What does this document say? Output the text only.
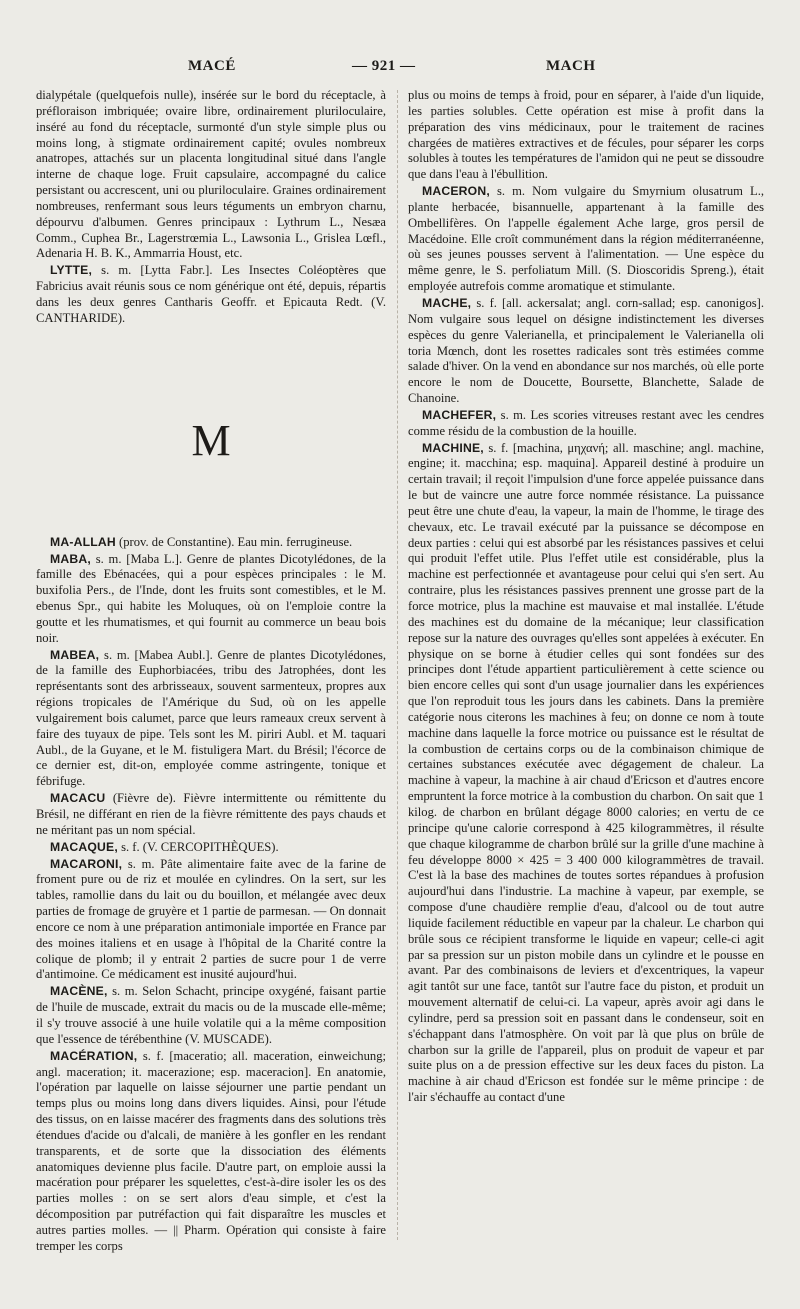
MACÉ	— 921 —	MACH

dialypétale (quelquefois nulle), insérée sur le bord du réceptacle, à préfloraison imbriquée; ovaire libre, ordinairement pluriloculaire, inséré au fond du réceptacle, surmonté d'un style simple plus ou moins long, à stigmate ordinairement capité; ovules nombreux anatropes, attachés sur un placenta longitudinal situé dans l'angle interne de chaque loge. Fruit capsulaire, accompagné du calice persistant ou accrescent, uni ou pluriloculaire. Graines ordinairement nombreuses, renfermant sous leurs téguments un embryon charnu, dépourvu d'albumen. Genres principaux : Lythrum L., Nesæa Comm., Cuphea Br., Lagerstrœmia L., Lawsonia L., Grislea Lœfl., Adenaria H. B. K., Ammarria Houst, etc.

LYTTE, s. m. [Lytta Fabr.]. Les Insectes Coléoptères que Fabricius avait réunis sous ce nom générique ont été, depuis, répartis dans les deux genres Cantharis Geoffr. et Epicauta Redt. (V. CANTHARIDE).

M

MA-ALLAH (prov. de Constantine). Eau min. ferrugineuse.

MABA, s. m. [Maba L.]. Genre de plantes Dicotylédones, de la famille des Ebénacées, qui a pour espèces principales : le M. buxifolia Pers., de l'Inde, dont les fruits sont comestibles, et le M. ebenus Spr., qui habite les Moluques, où on l'emploie contre la goutte et les rhumatismes, et qui fournit au commerce un beau bois noir.

MABEA, s. m. [Mabea Aubl.]. Genre de plantes Dicotylédones, de la famille des Euphorbiacées, tribu des Jatrophées, dont les représentants sont des arbrisseaux, souvent sarmenteux, propres aux régions tropicales de l'Amérique du Sud, où on les appelle vulgairement bois calumet, parce que leurs rameaux creux servent à faire des tuyaux de pipe. Tels sont les M. piriri Aubl. et M. taquari Aubl., de la Guyane, et le M. fistuligera Mart. du Brésil; l'écorce de ce dernier est, dit-on, employée comme astringente, tonique et fébrifuge.

MACACU (Fièvre de). Fièvre intermittente ou rémittente du Brésil, ne différant en rien de la fièvre rémittente des pays chauds et ne méritant pas un nom spécial.

MACAQUE, s. f. (V. CERCOPITHÈQUES).

MACARONI, s. m. Pâte alimentaire faite avec de la farine de froment pure ou de riz et moulée en cylindres. On la sert, sur les tables, ramollie dans du lait ou du bouillon, et mélangée avec deux parties de fromage de gruyère et 1 partie de parmesan. — On donnait encore ce nom à une préparation antimoniale importée en France par des moines italiens et en usage à l'hôpital de la Charité contre la colique de plomb; il y entrait 2 parties de sucre pour 1 de verre d'antimoine. Ce médicament est inusité aujourd'hui.

MACÈNE, s. m. Selon Schacht, principe oxygéné, faisant partie de l'huile de muscade, extrait du macis ou de la muscade elle-même; il s'y trouve associé à une huile volatile qui a la même composition que l'essence de térébenthine (V. MUSCADE).

MACÉRATION, s. f. [maceratio; all. maceration, einweichung; angl. maceration; it. macerazione; esp. maceracion]. En anatomie, l'opération par laquelle on laisse séjourner une partie pendant un temps plus ou moins long dans divers liquides. Ainsi, pour l'étude des tissus, on en laisse macérer des fragments dans des solutions très étendues d'acide ou d'alcali, de manière à les gonfler en les rendant transparents, et de sorte que la dissociation des éléments anatomiques devienne plus facile. D'autre part, on emploie aussi la macération pour préparer les squelettes, c'est-à-dire isoler les os des parties molles : on se sert alors d'eau simple, et c'est la décomposition par putréfaction qui fait disparaître les muscles et autres parties molles. — || Pharm. Opération qui consiste à faire tremper les corps

plus ou moins de temps à froid, pour en séparer, à l'aide d'un liquide, les parties solubles. Cette opération est mise à profit dans la préparation des vins médicinaux, pour le traitement de racines chargées de matières extractives et de fécules, pour séparer les corps solubles à toutes les températures de l'amidon qui ne peut se dissoudre que dans l'eau à l'ébullition.

MACERON, s. m. Nom vulgaire du Smyrnium olusatrum L., plante herbacée, bisannuelle, appartenant à la famille des Ombellifères. On l'appelle également Ache large, gros persil de Macédoine. Elle croît communément dans la région méditerranéenne, où ses jeunes pousses servent à l'alimentation. — Une espèce du même genre, le S. perfoliatum Mill. (S. Dioscoridis Spreng.), était employée autrefois comme aromatique et stimulante.

MACHE, s. f. [all. ackersalat; angl. corn-sallad; esp. canonigos]. Nom vulgaire sous lequel on désigne indistinctement les diverses espèces du genre Valerianella, et principalement le Valerianella oli toria Mœnch, dont les rosettes radicales sont très estimées comme salade d'hiver. On la vend en abondance sur nos marchés, où elle porte encore le nom de Doucette, Boursette, Blanchette, Salade de Chanoine.

MACHEFER, s. m. Les scories vitreuses restant avec les cendres comme résidu de la combustion de la houille.

MACHINE, s. f. [machina, μηχανή; all. maschine; angl. machine, engine; it. macchina; esp. maquina]. Appareil destiné à produire un certain travail; il reçoit l'impulsion d'une force appelée puissance dans le but de vaincre une autre force nommée résistance. La puissance peut être une chute d'eau, la vapeur, la main de l'homme, le tirage des chevaux, etc. Le travail exécuté par la puissance se décompose en deux parties : celui qui est absorbé par les résistances passives et celui qui produit l'effet utile. Plus l'effet utile est considérable, plus la machine est perfectionnée et avantageuse pour celui qui s'en sert. Au contraire, plus les résistances passives prennent une grosse part de la force motrice, plus la machine est mauvaise et mal installée. L'étude des machines est du domaine de la mécanique; leur classification repose sur la nature des ouvrages qu'elles sont appelées à exécuter. En physique on se borne à étudier celles qui sont fondées sur des principes dont l'étude appartient particulièrement à cette science ou bien encore celles qui sont d'un usage journalier dans les expériences que l'on reproduit tous les jours dans les cabinets. Dans la première catégorie nous citerons les machines à feu; on donne ce nom à toute machine dans laquelle la force motrice ou puissance est le résultat de la combustion de certains corps ou de la combinaison chimique de certaines substances exécutée avec dégagement de chaleur. La machine à vapeur, la machine à air chaud d'Ericson et d'autres encore empruntent la force motrice à la combustion du charbon. On sait que 1 kilog. de charbon en brûlant dégage 8000 calories; en vertu de ce principe qu'une calorie correspond à 425 kilogrammètres, il résulte que chaque kilogramme de charbon brûlé sur la grille d'une machine à feu développe 8000 × 425 = 3 400 000 kilogrammètres de travail. C'est là la base des machines de toutes sortes répandues à profusion aujourd'hui dans l'industrie. La machine à vapeur, par exemple, se compose d'une chaudière remplie d'eau, d'alcool ou de tout autre liquide facilement réductible en vapeur par la chaleur. Le charbon qui brûle sous ce récipient transforme le liquide en vapeur; celle-ci agit par sa pression sur un piston mobile dans un cylindre et le pousse en avant. Par des combinaisons de leviers et d'excentriques, la vapeur agit tantôt sur une face, tantôt sur l'autre face du piston, et produit un mouvement alternatif de celui-ci. La vapeur, après avoir agi dans le cylindre, perd sa pression soit en passant dans le condenseur, soit en s'échappant dans l'atmosphère. On voit par là que plus on brûle de charbon sur la grille de l'appareil, plus on produit de vapeur et par suite plus on a de pression effective sur les deux faces du piston. La machine à air chaud d'Ericson est fondée sur le même principe : de l'air s'échauffe au contact d'une
